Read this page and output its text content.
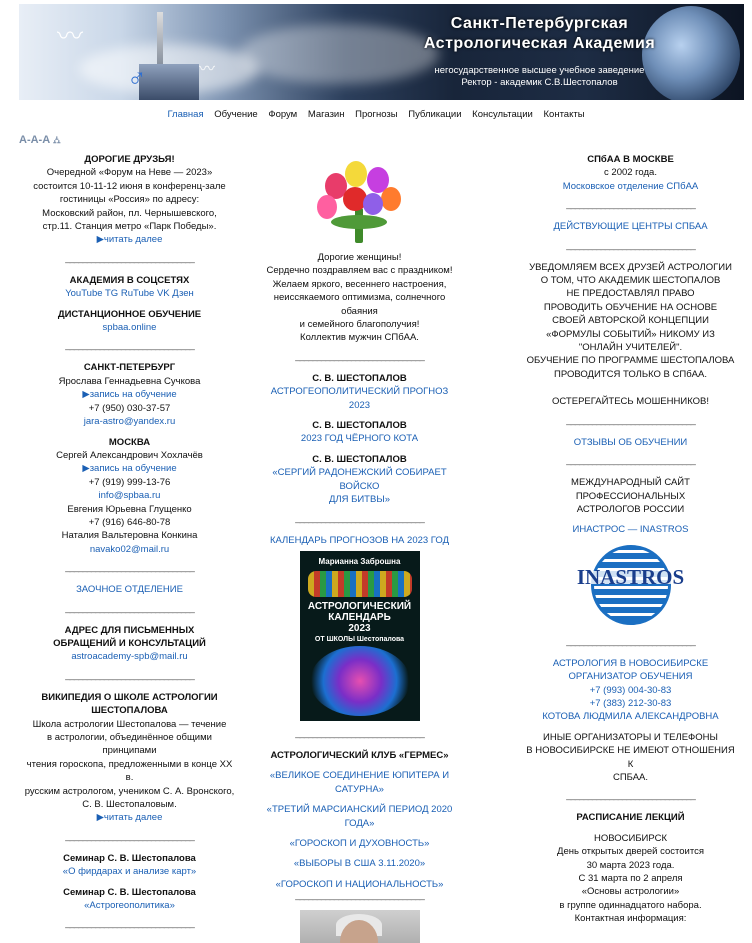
〰
〰
♂
Санкт-Петербургская
Астрологическая Академия
негосударственное высшее учебное заведение
Ректор - академик С.В.Шестопалов
Главная Обучение Форум Магазин Прогнозы Публикации Консультации Контакты
A-A-A ⛼
ДОРОГИЕ ДРУЗЬЯ!
Очередной «Форум на Неве — 2023»
состоится 10-11-12 июня в конференц-зале
гостиницы «Россия» по адресу:
Московский район, пл. Чернышевского,
стр.11. Станция метро «Парк Победы».
▶читать далее
______________________________
АКАДЕМИЯ В СОЦСЕТЯХ
YouTube TG RuTube VK Дзен
ДИСТАНЦИОННОЕ ОБУЧЕНИЕ
spbaa.online
______________________________
САНКТ-ПЕТЕРБУРГ
Ярослава Геннадьевна Сучкова
▶запись на обучение
+7 (950) 030-37-57
jara-astro@yandex.ru
МОСКВА
Сергей Александрович Хохлачёв
▶запись на обучение
+7 (919) 999-13-76
info@spbaa.ru
Евгения Юрьевна Глущенко
+7 (916) 646-80-78
Наталия Вальтеровна Конкина
navako02@mail.ru
______________________________
ЗАОЧНОЕ ОТДЕЛЕНИЕ
______________________________
АДРЕС ДЛЯ ПИСЬМЕННЫХ
ОБРАЩЕНИЙ И КОНСУЛЬТАЦИЙ
astroacademy-spb@mail.ru
______________________________
ВИКИПЕДИЯ О ШКОЛЕ АСТРОЛОГИИ
ШЕСТОПАЛОВА
Школа астрологии Шестопалова — течение
в астрологии, объединённое общими принципами
чтения гороскопа, предложенными в конце XX в.
русским астрологом, учеником С. А. Вронского,
С. В. Шестопаловым.
▶читать далее
______________________________
Семинар С. В. Шестопалова
«О фирдарах и анализе карт»
Семинар С. В. Шестопалова
«Астрогеополитика»
______________________________
Дорогие женщины!
Сердечно поздравляем вас с праздником!
Желаем яркого, весеннего настроения,
неиссякаемого оптимизма, солнечного обаяния
и семейного благополучия!
Коллектив мужчин СПбАА.
______________________________
С. В. ШЕСТОПАЛОВ
АСТРОГЕОПОЛИТИЧЕСКИЙ ПРОГНОЗ 2023
С. В. ШЕСТОПАЛОВ
2023 ГОД ЧЁРНОГО КОТА
С. В. ШЕСТОПАЛОВ
«СЕРГИЙ РАДОНЕЖСКИЙ СОБИРАЕТ ВОЙСКО
ДЛЯ БИТВЫ»
______________________________
КАЛЕНДАРЬ ПРОГНОЗОВ НА 2023 ГОД
Марианна Заброшна
АСТРОЛОГИЧЕСКИЙ
КАЛЕНДАРЬ
2023
ОТ ШКОЛЫ Шестопалова
______________________________
АСТРОЛОГИЧЕСКИЙ КЛУБ «ГЕРМЕС»
«ВЕЛИКОЕ СОЕДИНЕНИЕ ЮПИТЕРА И САТУРНА»
«ТРЕТИЙ МАРСИАНСКИЙ ПЕРИОД 2020 ГОДА»
«ГОРОСКОП И ДУХОВНОСТЬ»
«ВЫБОРЫ В США 3.11.2020»
«ГОРОСКОП И НАЦИОНАЛЬНОСТЬ»
______________________________
СПбАА В МОСКВЕ
с 2002 года.
Московское отделение СПбАА
______________________________
ДЕЙСТВУЮЩИЕ ЦЕНТРЫ СПБАА
______________________________
УВЕДОМЛЯЕМ ВСЕХ ДРУЗЕЙ АСТРОЛОГИИ
О ТОМ, ЧТО АКАДЕМИК ШЕСТОПАЛОВ
НЕ ПРЕДОСТАВЛЯЛ ПРАВО
ПРОВОДИТЬ ОБУЧЕНИЕ НА ОСНОВЕ
СВОЕЙ АВТОРСКОЙ КОНЦЕПЦИИ
«ФОРМУЛЫ СОБЫТИЙ» НИКОМУ ИЗ
"ОНЛАЙН УЧИТЕЛЕЙ".
ОБУЧЕНИЕ ПО ПРОГРАММЕ ШЕСТОПАЛОВА
ПРОВОДИТСЯ ТОЛЬКО В СПбАА.
ОСТЕРЕГАЙТЕСЬ МОШЕННИКОВ!
______________________________
ОТЗЫВЫ ОБ ОБУЧЕНИИ
______________________________
МЕЖДУНАРОДНЫЙ САЙТ
ПРОФЕССИОНАЛЬНЫХ
АСТРОЛОГОВ РОССИИ
ИНАСТРОС — INASTROS
INASTROS
______________________________
АСТРОЛОГИЯ В НОВОСИБИРСКЕ
ОРГАНИЗАТОР ОБУЧЕНИЯ
+7 (993) 004-30-83
+7 (383) 212-30-83
КОТОВА ЛЮДМИЛА АЛЕКСАНДРОВНА
ИНЫЕ ОРГАНИЗАТОРЫ И ТЕЛЕФОНЫ
В НОВОСИБИРСКЕ НЕ ИМЕЮТ ОТНОШЕНИЯ К
СПБАА.
______________________________
РАСПИСАНИЕ ЛЕКЦИЙ
НОВОСИБИРСК
День открытых дверей состоится
30 марта 2023 года.
С 31 марта по 2 апреля
«Основы астрологии»
в группе одиннадцатого набора.
Контактная информация:
